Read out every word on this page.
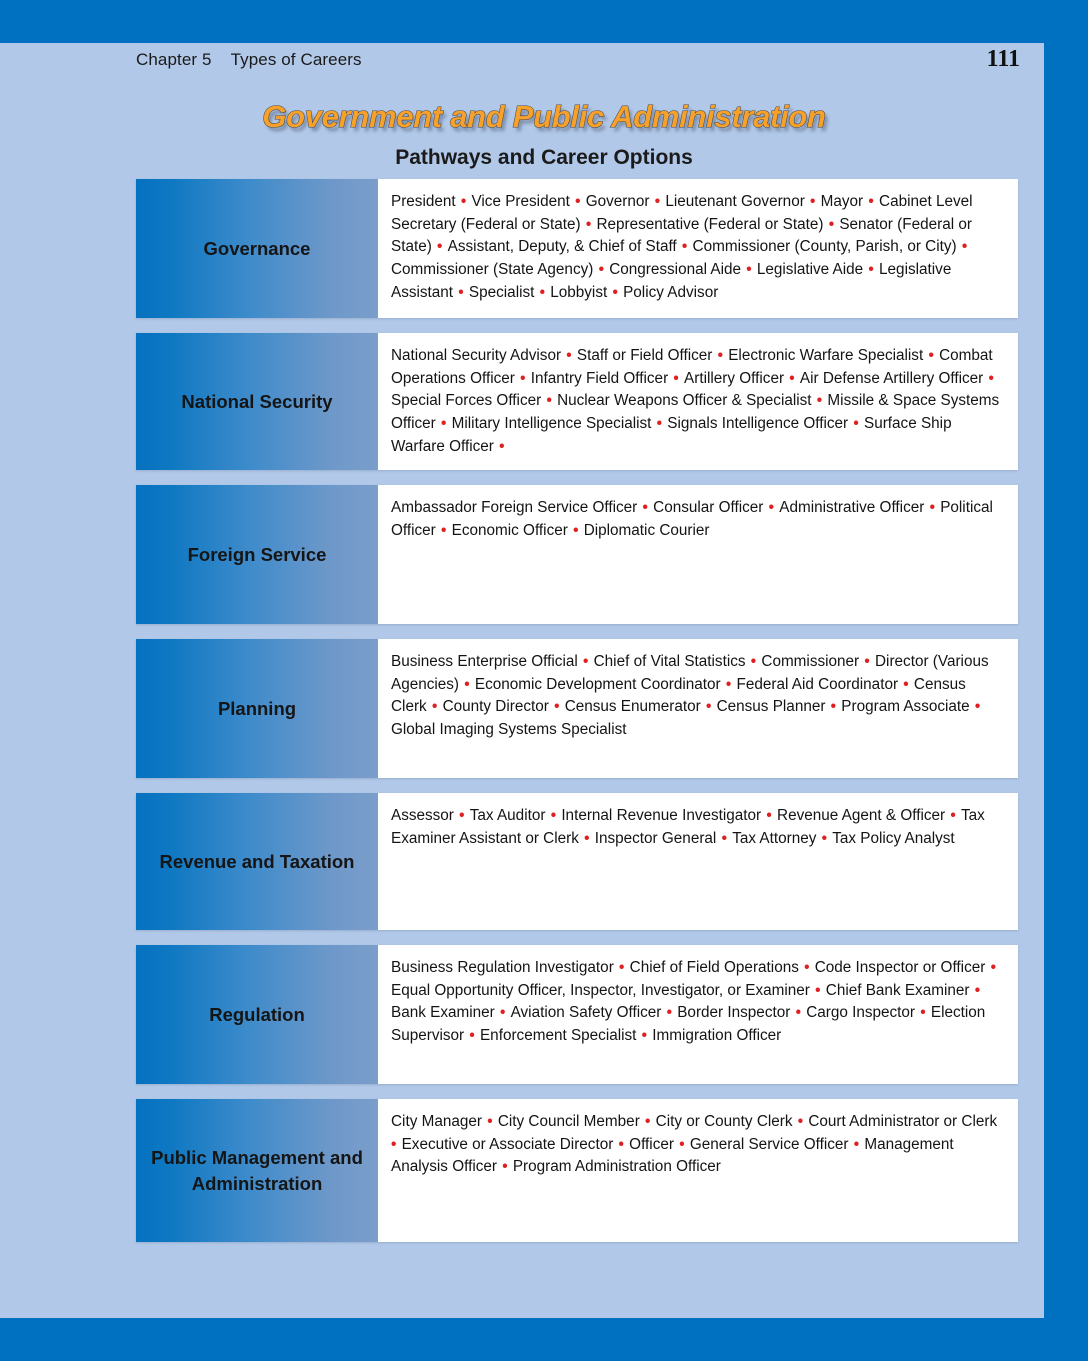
Chapter 5 Types of Careers	111
Government and Public Administration
Pathways and Career Options
Governance
President • Vice President • Governor • Lieutenant Governor • Mayor • Cabinet Level Secretary (Federal or State) • Representative (Federal or State) • Senator (Federal or State) • Assistant, Deputy, & Chief of Staff • Commissioner (County, Parish, or City) • Commissioner (State Agency) • Congressional Aide • Legislative Aide • Legislative Assistant • Specialist • Lobbyist • Policy Advisor
National Security
National Security Advisor • Staff or Field Officer • Electronic Warfare Specialist • Combat Operations Officer • Infantry Field Officer • Artillery Officer • Air Defense Artillery Officer • Special Forces Officer • Nuclear Weapons Officer & Specialist • Missile & Space Systems Officer • Military Intelligence Specialist • Signals Intelligence Officer • Surface Ship Warfare Officer •
Foreign Service
Ambassador Foreign Service Officer • Consular Officer • Administrative Officer • Political Officer • Economic Officer • Diplomatic Courier
Planning
Business Enterprise Official • Chief of Vital Statistics • Commissioner • Director (Various Agencies) • Economic Development Coordinator • Federal Aid Coordinator • Census Clerk • County Director • Census Enumerator • Census Planner • Program Associate • Global Imaging Systems Specialist
Revenue and Taxation
Assessor • Tax Auditor • Internal Revenue Investigator • Revenue Agent & Officer • Tax Examiner Assistant or Clerk • Inspector General • Tax Attorney • Tax Policy Analyst
Regulation
Business Regulation Investigator • Chief of Field Operations • Code Inspector or Officer • Equal Opportunity Officer, Inspector, Investigator, or Examiner • Chief Bank Examiner • Bank Examiner • Aviation Safety Officer • Border Inspector • Cargo Inspector • Election Supervisor • Enforcement Specialist • Immigration Officer
Public Management and Administration
City Manager • City Council Member • City or County Clerk • Court Administrator or Clerk • Executive or Associate Director • Officer • General Service Officer • Management Analysis Officer • Program Administration Officer
